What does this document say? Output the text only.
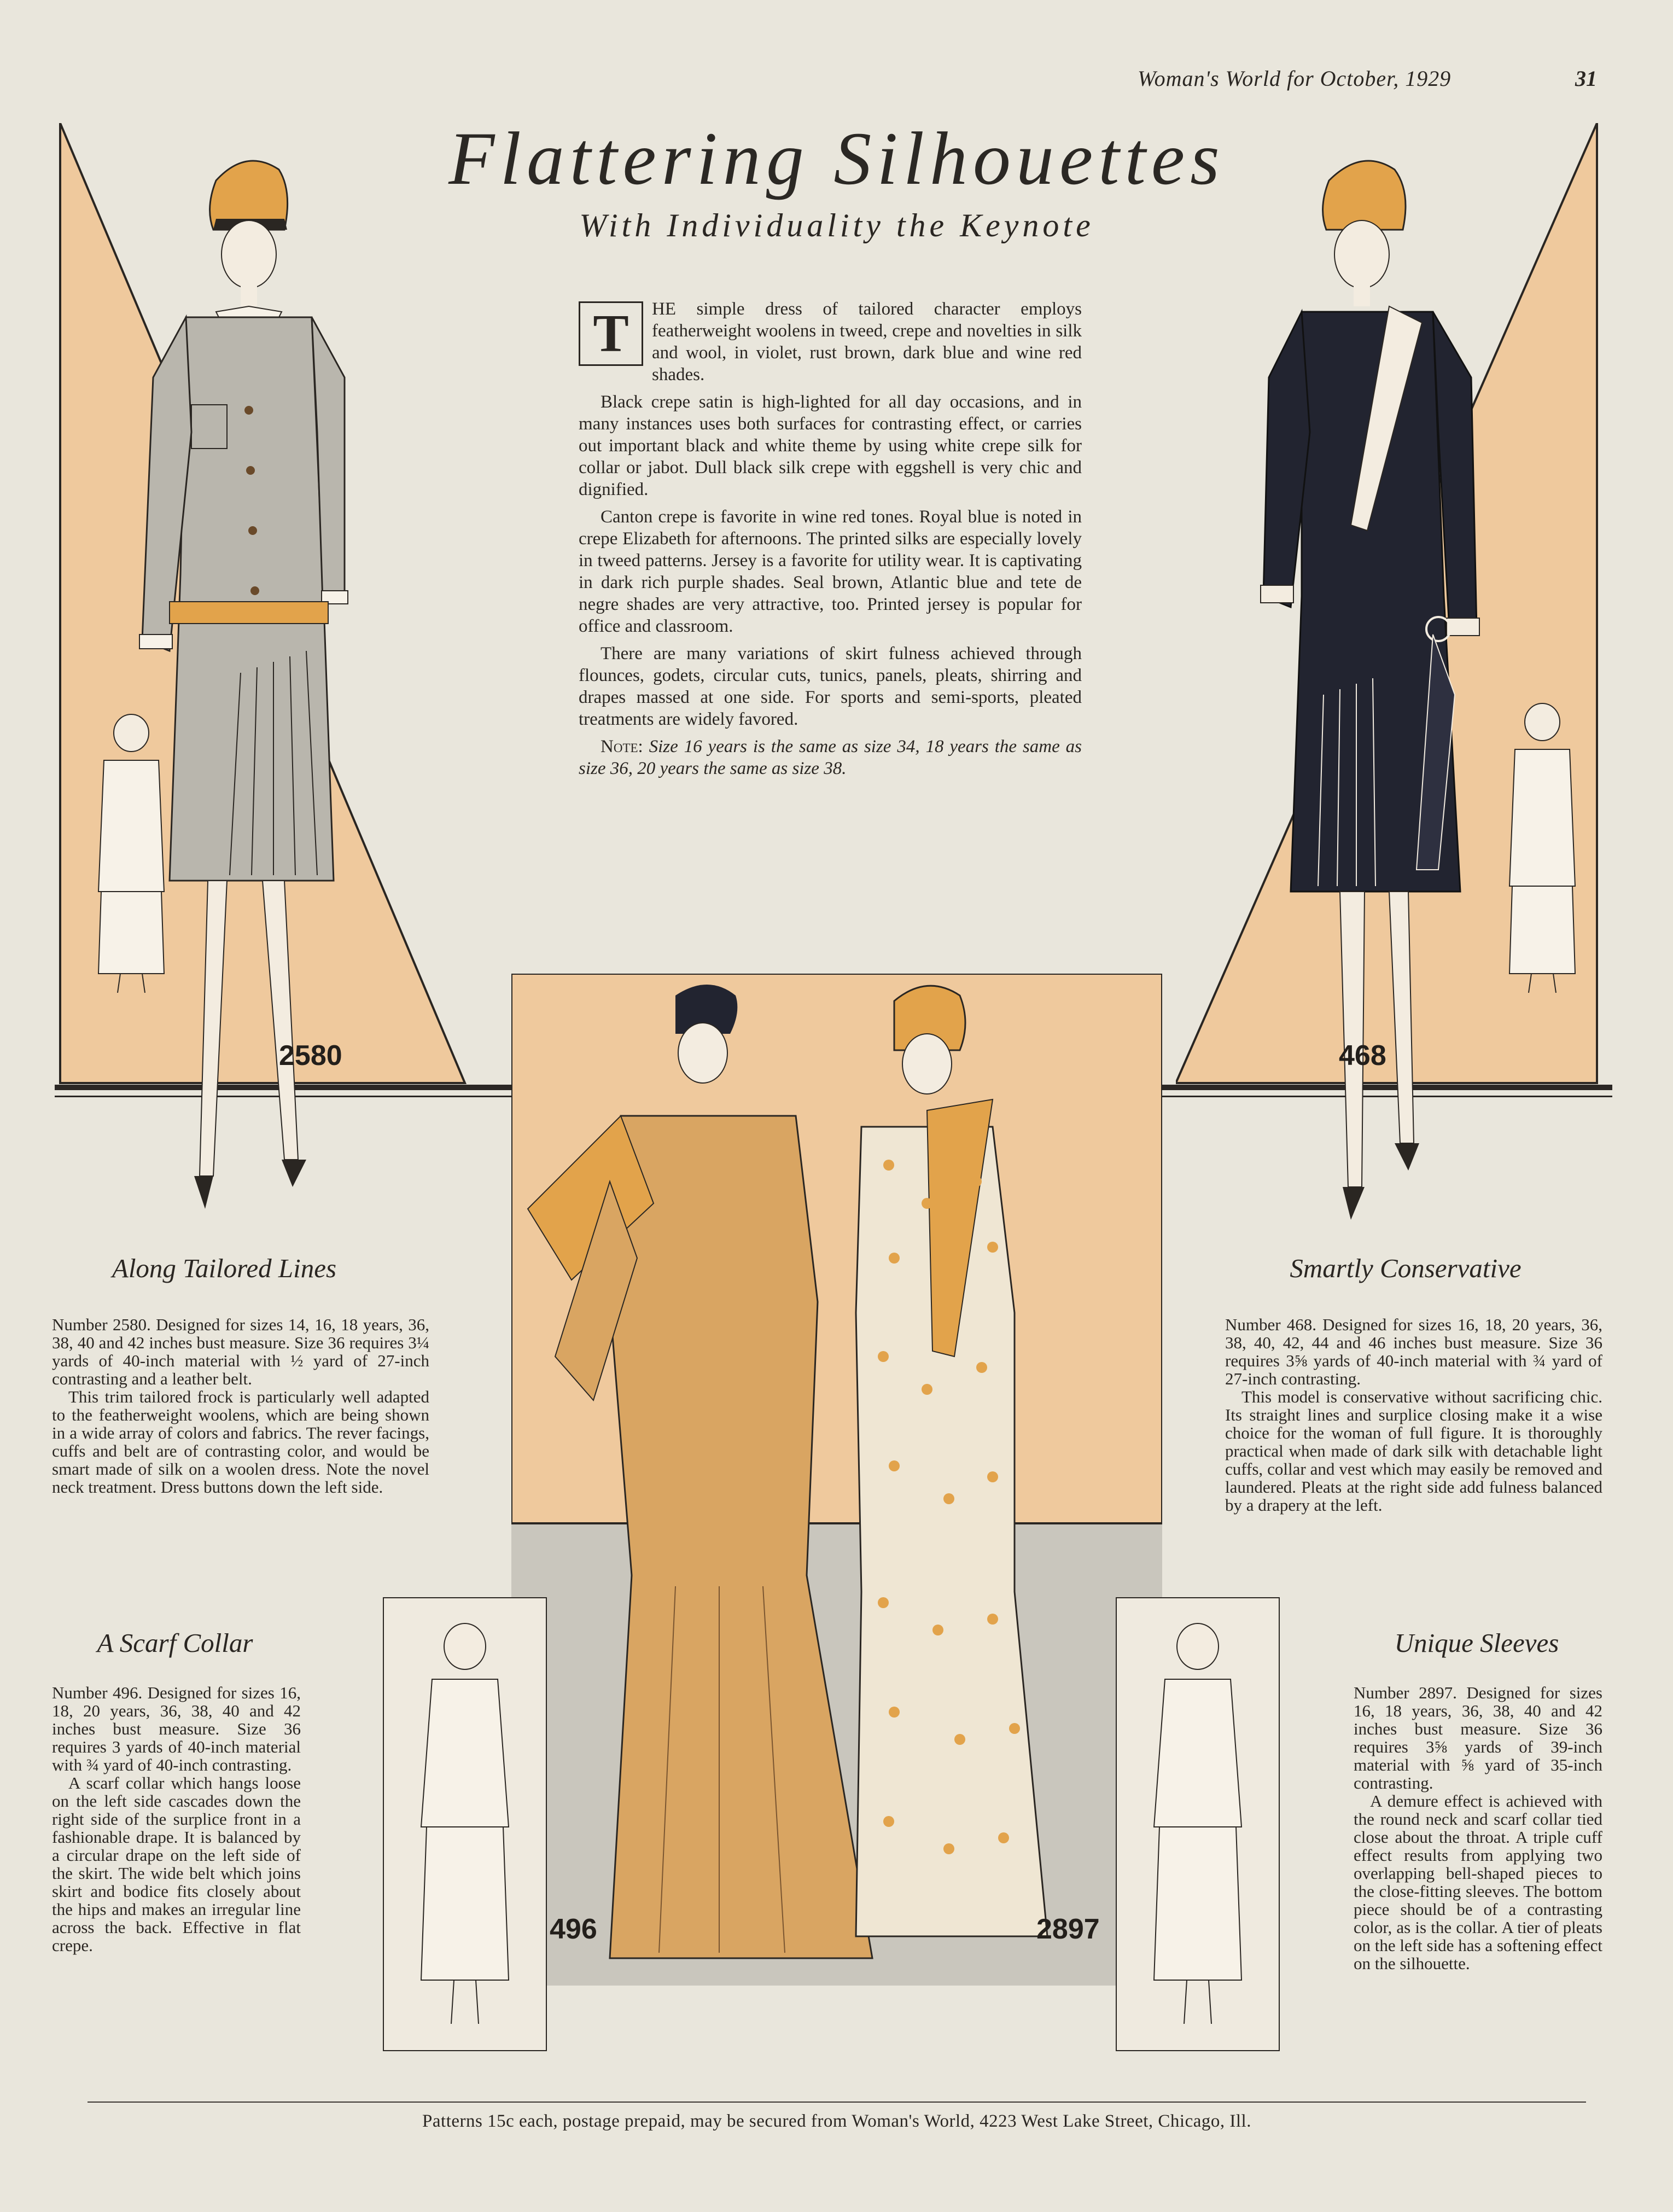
Woman's World for October, 1929	31
2580	468
496	2897
Flattering Silhouettes
With Individuality the Keynote

T	HE simple dress of tailored character employs featherweight woolens in tweed, crepe and novelties in silk and wool, in violet, rust brown, dark blue and wine red shades.

Black crepe satin is high-lighted for all day occasions, and in many instances uses both surfaces for contrasting effect, or carries out important black and white theme by using white crepe silk for collar or jabot. Dull black silk crepe with eggshell is very chic and dignified.

Canton crepe is favorite in wine red tones. Royal blue is noted in crepe Elizabeth for afternoons. The printed silks are especially lovely in tweed patterns. Jersey is a favorite for utility wear. It is captivating in dark rich purple shades. Seal brown, Atlantic blue and tete de negre shades are very attractive, too. Printed jersey is popular for office and classroom.

There are many variations of skirt fulness achieved through flounces, godets, circular cuts, tunics, panels, pleats, shirring and drapes massed at one side. For sports and semi-sports, pleated treatments are widely favored.

Note: Size 16 years is the same as size 34, 18 years the same as size 36, 20 years the same as size 38.

Along Tailored Lines

Number 2580. Designed for sizes 14, 16, 18 years, 36, 38, 40 and 42 inches bust measure. Size 36 requires 3¼ yards of 40-inch material with ½ yard of 27-inch contrasting and a leather belt.

This trim tailored frock is particularly well adapted to the featherweight woolens, which are being shown in a wide array of colors and fabrics. The rever facings, cuffs and belt are of contrasting color, and would be smart made of silk on a woolen dress. Note the novel neck treatment. Dress buttons down the left side.

Smartly Conservative

Number 468. Designed for sizes 16, 18, 20 years, 36, 38, 40, 42, 44 and 46 inches bust measure. Size 36 requires 3⅝ yards of 40-inch material with ¾ yard of 27-inch contrasting.

This model is conservative without sacrificing chic. Its straight lines and surplice closing make it a wise choice for the woman of full figure. It is thoroughly practical when made of dark silk with detachable light cuffs, collar and vest which may easily be removed and laundered. Pleats at the right side add fulness balanced by a drapery at the left.

A Scarf Collar

Number 496. Designed for sizes 16, 18, 20 years, 36, 38, 40 and 42 inches bust measure. Size 36 requires 3 yards of 40-inch material with ¾ yard of 40-inch contrasting.

A scarf collar which hangs loose on the left side cascades down the right side of the surplice front in a fashionable drape. It is balanced by a circular drape on the left side of the skirt. The wide belt which joins skirt and bodice fits closely about the hips and makes an irregular line across the back. Effective in flat crepe.

Unique Sleeves

Number 2897. Designed for sizes 16, 18 years, 36, 38, 40 and 42 inches bust measure. Size 36 requires 3⅝ yards of 39-inch material with ⅝ yard of 35-inch contrasting.

A demure effect is achieved with the round neck and scarf collar tied close about the throat. A triple cuff effect results from applying two overlapping bell-shaped pieces to the close-fitting sleeves. The bottom piece should be of a contrasting color, as is the collar. A tier of pleats on the left side has a softening effect on the silhouette.

Patterns 15c each, postage prepaid, may be secured from Woman's World, 4223 West Lake Street, Chicago, Ill.
